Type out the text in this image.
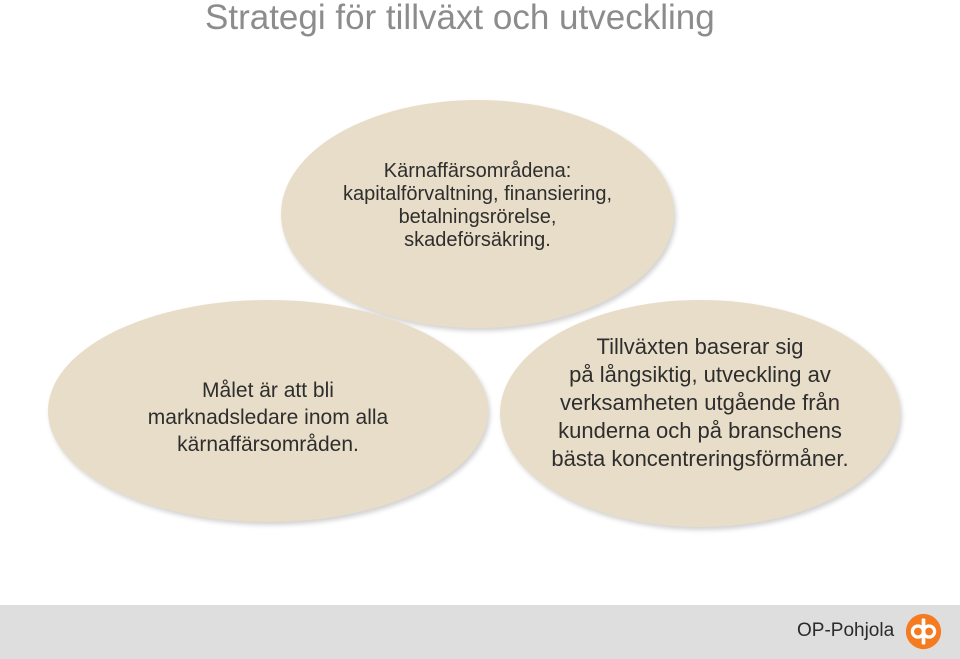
Strategi för tillväxt och utveckling
Kärnaffärsområdena:
kapitalförvaltning, finansiering,
betalningsrörelse,
skadeförsäkring.
Målet är att bli
marknadsledare inom alla
kärnaffärsområden.
Tillväxten baserar sig
på långsiktig, utveckling av
verksamheten utgående från
kunderna och på branschens
bästa koncentreringsförmåner.
OP-Pohjola
